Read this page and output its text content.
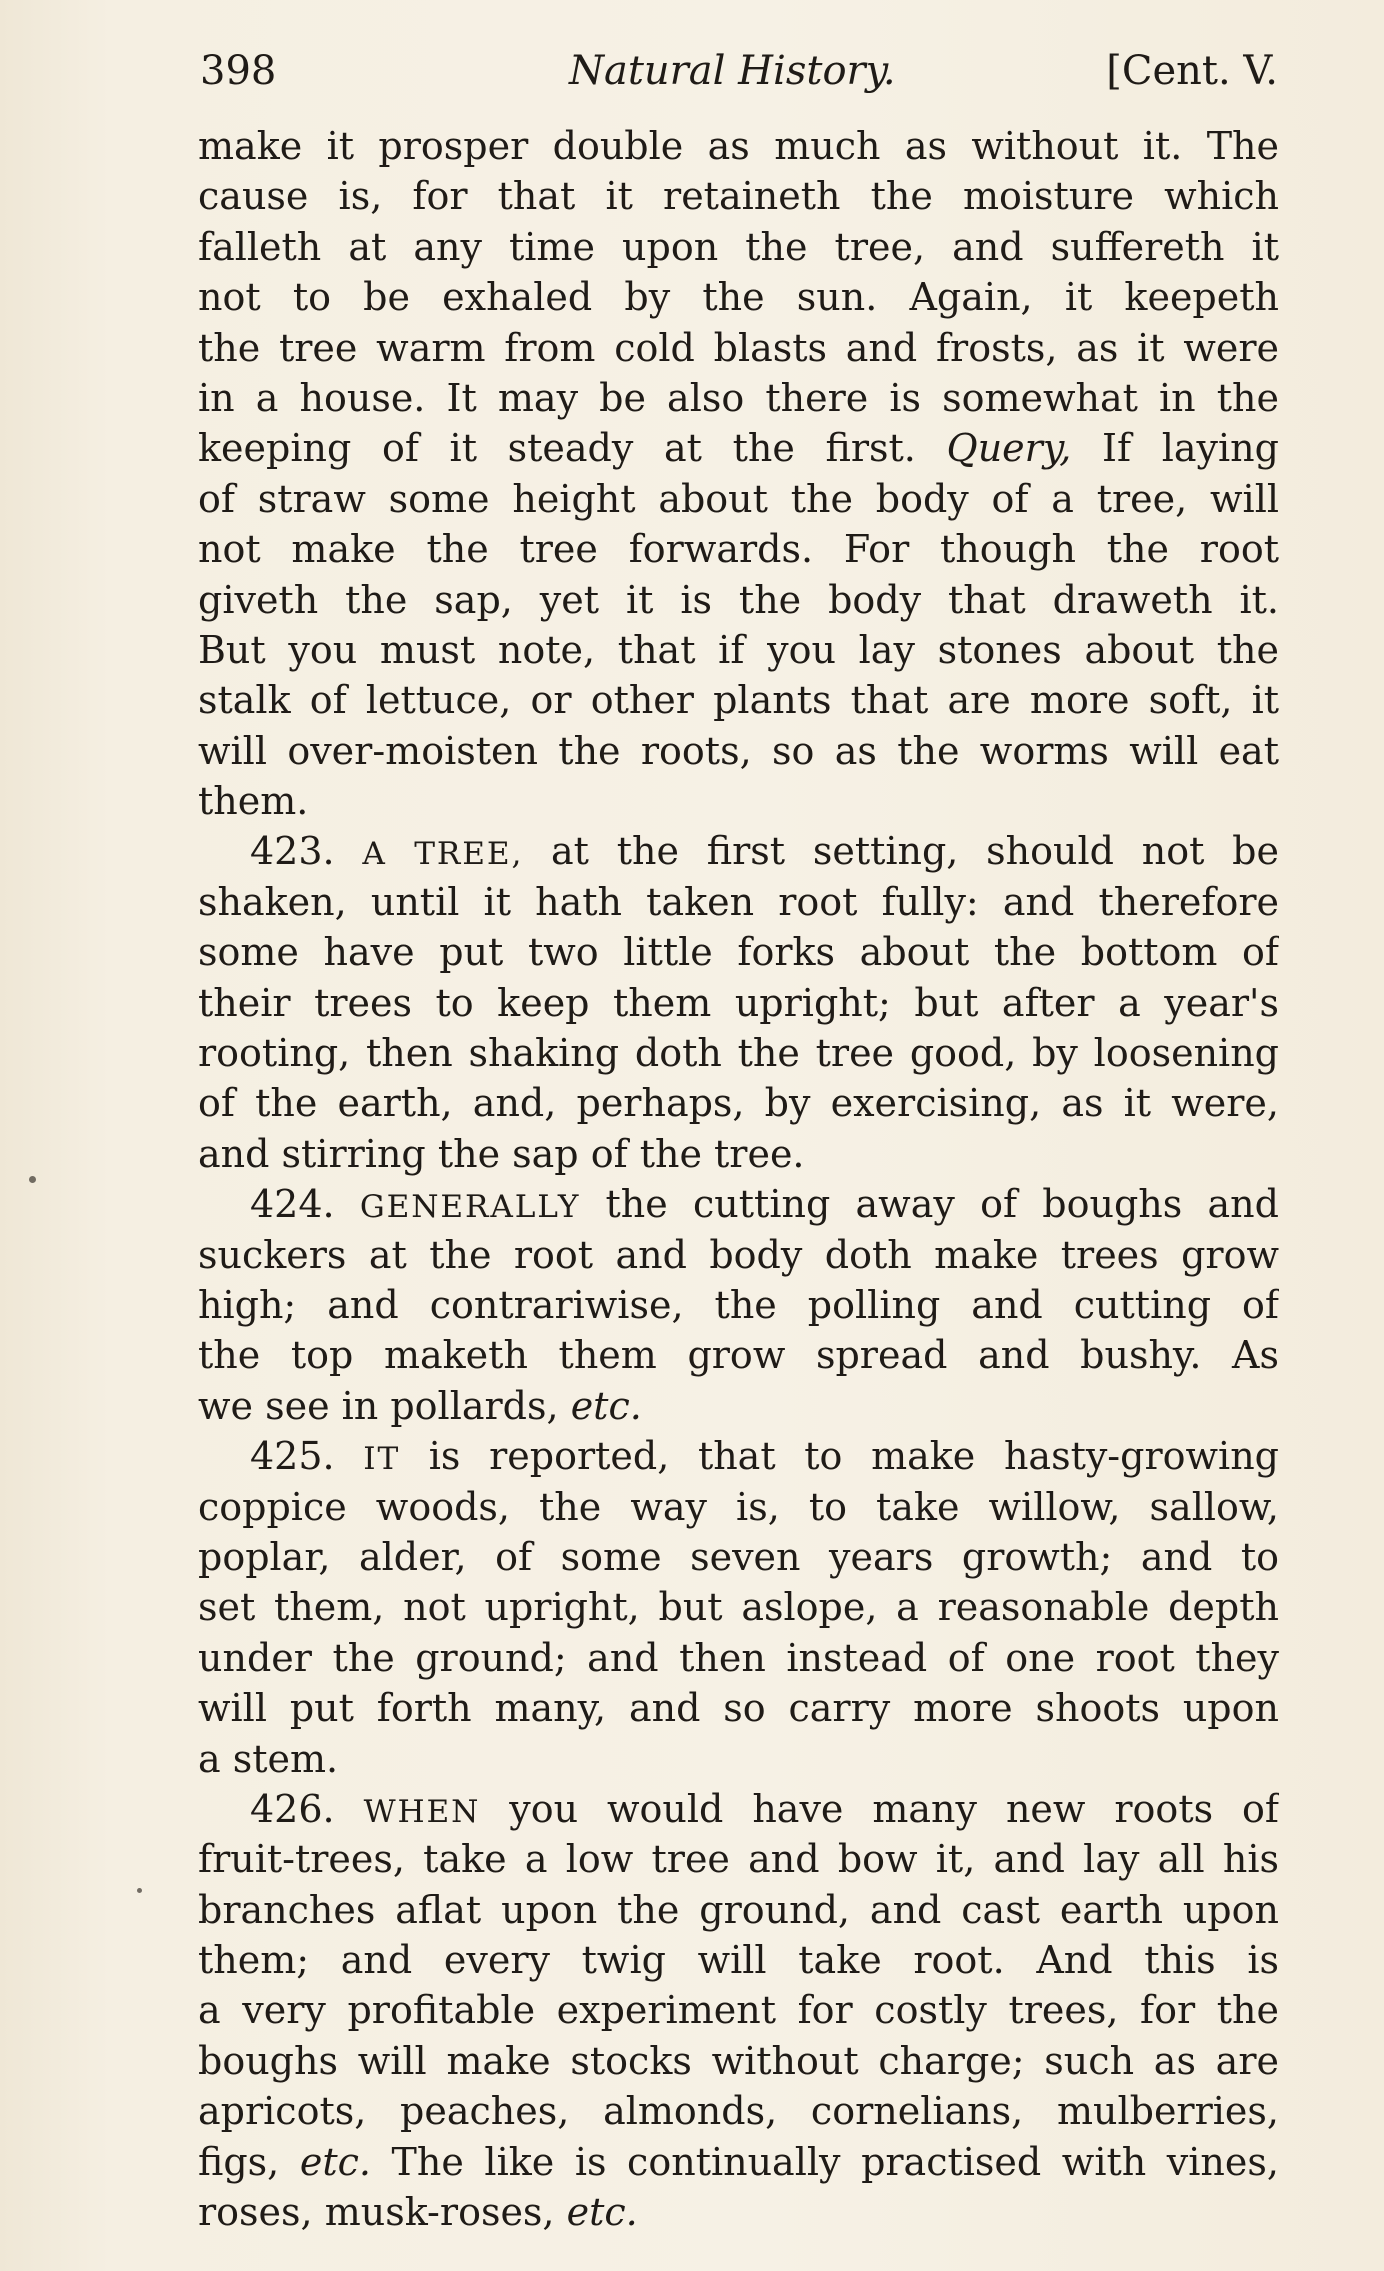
398	Natural History.	[Cent. V.
make it prosper double as much as without it. The
cause is, for that it retaineth the moisture which
falleth at any time upon the tree, and suffereth it
not to be exhaled by the sun. Again, it keepeth
the tree warm from cold blasts and frosts, as it were
in a house. It may be also there is somewhat in the
keeping of it steady at the first. Query, If laying
of straw some height about the body of a tree, will
not make the tree forwards. For though the root
giveth the sap, yet it is the body that draweth it.
But you must note, that if you lay stones about the
stalk of lettuce, or other plants that are more soft, it
will over-moisten the roots, so as the worms will eat
them.
423. A TREE, at the first setting, should not be
shaken, until it hath taken root fully: and therefore
some have put two little forks about the bottom of
their trees to keep them upright; but after a year's
rooting, then shaking doth the tree good, by loosening
of the earth, and, perhaps, by exercising, as it were,
and stirring the sap of the tree.
424. GENERALLY the cutting away of boughs and
suckers at the root and body doth make trees grow
high; and contrariwise, the polling and cutting of
the top maketh them grow spread and bushy. As
we see in pollards, etc.
425. IT is reported, that to make hasty-growing
coppice woods, the way is, to take willow, sallow,
poplar, alder, of some seven years growth; and to
set them, not upright, but aslope, a reasonable depth
under the ground; and then instead of one root they
will put forth many, and so carry more shoots upon
a stem.
426. WHEN you would have many new roots of
fruit-trees, take a low tree and bow it, and lay all his
branches aflat upon the ground, and cast earth upon
them; and every twig will take root. And this is
a very profitable experiment for costly trees, for the
boughs will make stocks without charge; such as are
apricots, peaches, almonds, cornelians, mulberries,
figs, etc. The like is continually practised with vines,
roses, musk-roses, etc.
